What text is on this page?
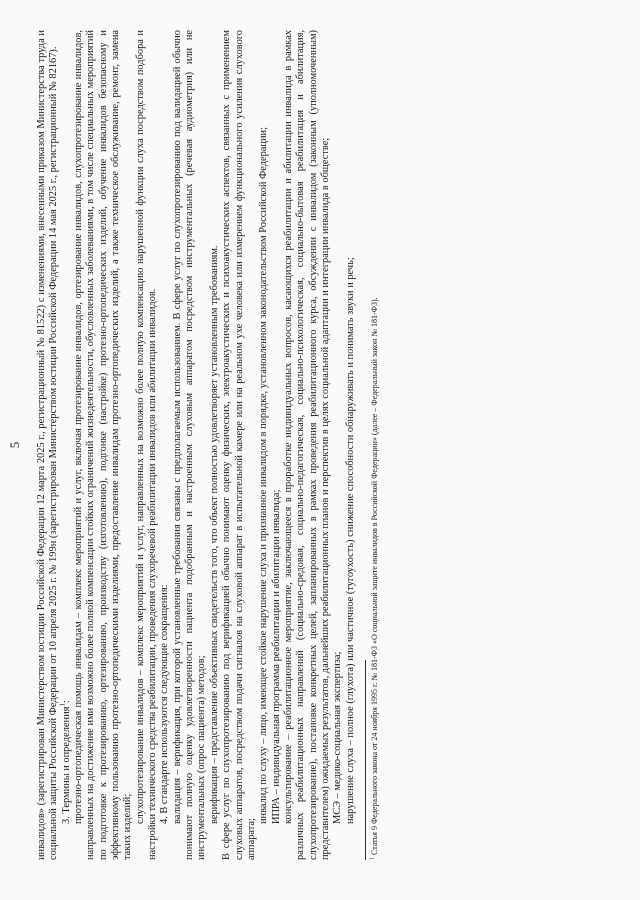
5 инвалидов» (зарегистрирован Министерством юстиции Российской Федерации 12 марта 2025 г., регистрационный № 81522) с изменениями, внесенными приказом Министерства труда и социальной защиты Российской Федерации от 10 апреля 2025 г. № 199н (зарегистрирован Министерством юстиции Российской Федерации 14 мая 2025 г., регистрационный № 82167). 3. Термины и определения$^1$: протезно-ортопедическая помощь инвалидам – комплекс мероприятий и услуг, включая протезирование инвалидов, ортезирование инвалидов, слухопротезирование инвалидов, направленных на достижение ими возможно более полной компенсации стойких ограничений жизнедеятельности, обусловленных заболеваниями, в том числе специальных мероприятий по подготовке к протезированию, ортезированию, производству (изготовлению), подгонке (настройке) протезно-ортопедических изделий, обучение инвалидов безопасному и эффективному пользованию протезно-ортопедическими изделиями, предоставление инвалидам протезно-ортопедических изделий, а также техническое обслуживание, ремонт, замена таких изделий;

слухопротезирование инвалидов – комплекс мероприятий и услуг, направленных на возможно более полную компенсацию нарушенной функции слуха посредством подбора и настройки технического средства реабилитации, проведения слухоречевой реабилитации инвалидов или абилитации инвалидов. 4. В стандарте используются следующие сокращения: валидация – верификация, при которой установленные требования связаны с предполагаемым использованием. В сфере услуг по слухопротезированию под валидацией обычно понимают полную оценку удовлетворенности пациента подобранным и настроенным слуховым аппаратом посредством инструментальных (речевая аудиометрия) или не инструментальных (опрос пациента) методов; верификация – представление объективных свидетельств того, что объект полностью удовлетворяет установленным требованиям. В сфере услуг по слухопротезированию под верификацией обычно понимают оценку физических, электроакустических и психоакустических аспектов, связанных с применением слуховых аппаратов, посредством подачи сигналов на слуховой аппарат в испытательной камере или на реальном ухе человека или измерением функционального усиления слухового аппарата;

инвалид по слуху – лицо, имеющее стойкое нарушение слуха и признанное инвалидом в порядке, установленном законодательством Российской Федерации; ИПРА – индивидуальная программа реабилитации и абилитации инвалида; консультирование – реабилитационное мероприятие, заключающееся в проработке индивидуальных вопросов, касающихся реабилитации и абилитации инвалида в рамках различных реабилитационных направлений (социально-средовая, социально-педагогическая, социально-психологическая, социально-бытовая реабилитация и абилитация, слухопротезирование), постановке конкретных целей, запланированных в рамках проведения реабилитационного курса, обсуждении с инвалидом (законным (уполномоченным) представителем) ожидаемых результатов, дальнейших реабилитационных планов и перспектив в целях социальной адаптации и интеграции инвалида в обществе; МСЭ – медико-социальная экспертиза; нарушение слуха – полное (глухота) или частичное (тугоухость) снижение способности обнаруживать и понимать звуки и речь;

$^1$ Статья 9 Федерального закона от 24 ноября 1995 г. № 181-ФЗ «О социальной защите инвалидов в Российской Федерации» (далее – Федеральный закон № 181-ФЗ).
